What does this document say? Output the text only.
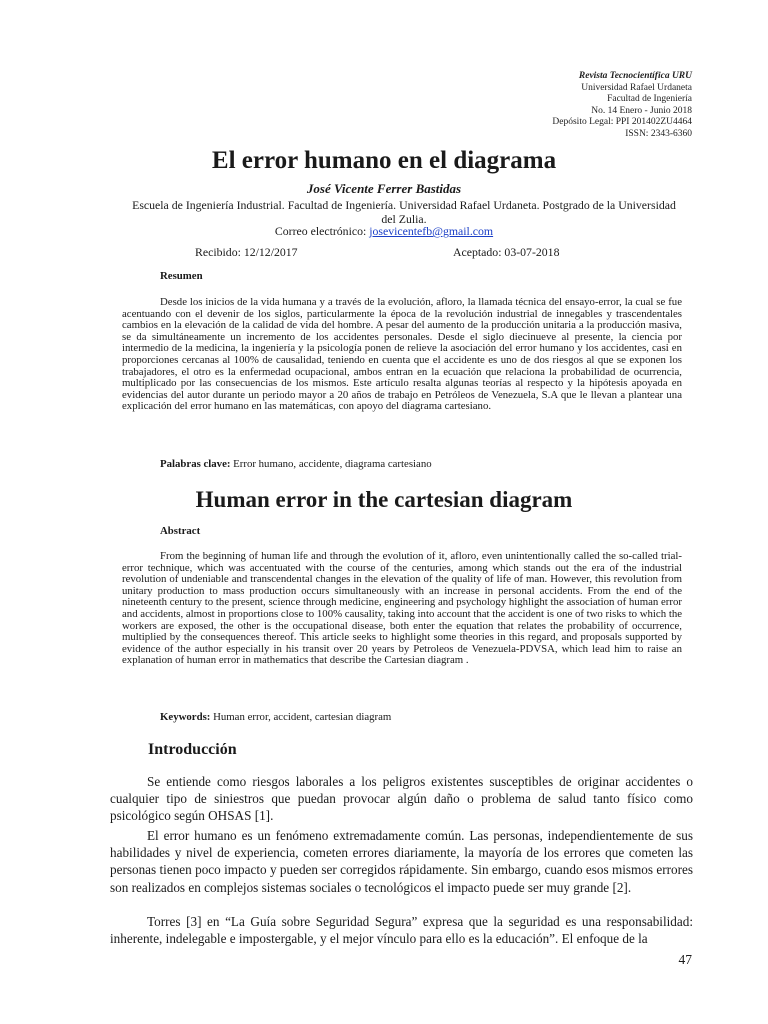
Revista Tecnocientífica URU
Universidad Rafael Urdaneta
Facultad de Ingeniería
No. 14 Enero - Junio 2018
Depósito Legal: PPI 201402ZU4464
ISSN: 2343-6360
El error humano en el diagrama
José Vicente Ferrer Bastidas
Escuela de Ingeniería Industrial. Facultad de Ingeniería. Universidad Rafael Urdaneta. Postgrado de la Universidad del Zulia.
Correo electrónico: josevicentefb@gmail.com
Recibido: 12/12/2017	Aceptado: 03-07-2018
Resumen

Desde los inicios de la vida humana y a través de la evolución, afloro, la llamada técnica del ensayo-error, la cual se fue acentuando con el devenir de los siglos, particularmente la época de la revolución industrial de innegables y trascendentales cambios en la elevación de la calidad de vida del hombre. A pesar del aumento de la producción unitaria a la producción masiva, se da simultáneamente un incremento de los accidentes personales. Desde el siglo diecinueve al presente, la ciencia por intermedio de la medicina, la ingeniería y la psicología ponen de relieve la asociación del error humano y los accidentes, casi en proporciones cercanas al 100% de causalidad, teniendo en cuenta que el accidente es uno de dos riesgos al que se exponen los trabajadores, el otro es la enfermedad ocupacional, ambos entran en la ecuación que relaciona la probabilidad de ocurrencia, multiplicado por las consecuencias de los mismos. Este artículo resalta algunas teorías al respecto y la hipótesis apoyada en evidencias del autor durante un periodo mayor a 20 años de trabajo en Petróleos de Venezuela, S.A que le llevan a plantear una explicación del error humano en las matemáticas, con apoyo del diagrama cartesiano.

Palabras clave: Error humano, accidente, diagrama cartesiano
Human error in the cartesian diagram
Abstract

From the beginning of human life and through the evolution of it, afloro, even unintentionally called the so-called trial-error technique, which was accentuated with the course of the centuries, among which stands out the era of the industrial revolution of undeniable and transcendental changes in the elevation of the quality of life of man. However, this revolution from unitary production to mass production occurs simultaneously with an increase in personal accidents. From the end of the nineteenth century to the present, science through medicine, engineering and psychology highlight the association of human error and accidents, almost in proportions close to 100% causality, taking into account that the accident is one of two risks to which the workers are exposed, the other is the occupational disease, both enter the equation that relates the probability of occurrence, multiplied by the consequences thereof. This article seeks to highlight some theories in this regard, and proposals supported by evidence of the author especially in his transit over 20 years by Petroleos de Venezuela-PDVSA, which lead him to raise an explanation of human error in mathematics that describe the Cartesian diagram .

Keywords: Human error, accident, cartesian diagram
Introducción

Se entiende como riesgos laborales a los peligros existentes susceptibles de originar accidentes o cualquier tipo de siniestros que puedan provocar algún daño o problema de salud tanto físico como psicológico según OHSAS [1].

El error humano es un fenómeno extremadamente común. Las personas, independientemente de sus habilidades y nivel de experiencia, cometen errores diariamente, la mayoría de los errores que cometen las personas tienen poco impacto y pueden ser corregidos rápidamente. Sin embargo, cuando esos mismos errores son realizados en complejos sistemas sociales o tecnológicos el impacto puede ser muy grande [2].

Torres [3] en “La Guía sobre Seguridad Segura” expresa que la seguridad es una responsabilidad: inherente, indelegable e impostergable, y el mejor vínculo para ello es la educación”. El enfoque de la

47
